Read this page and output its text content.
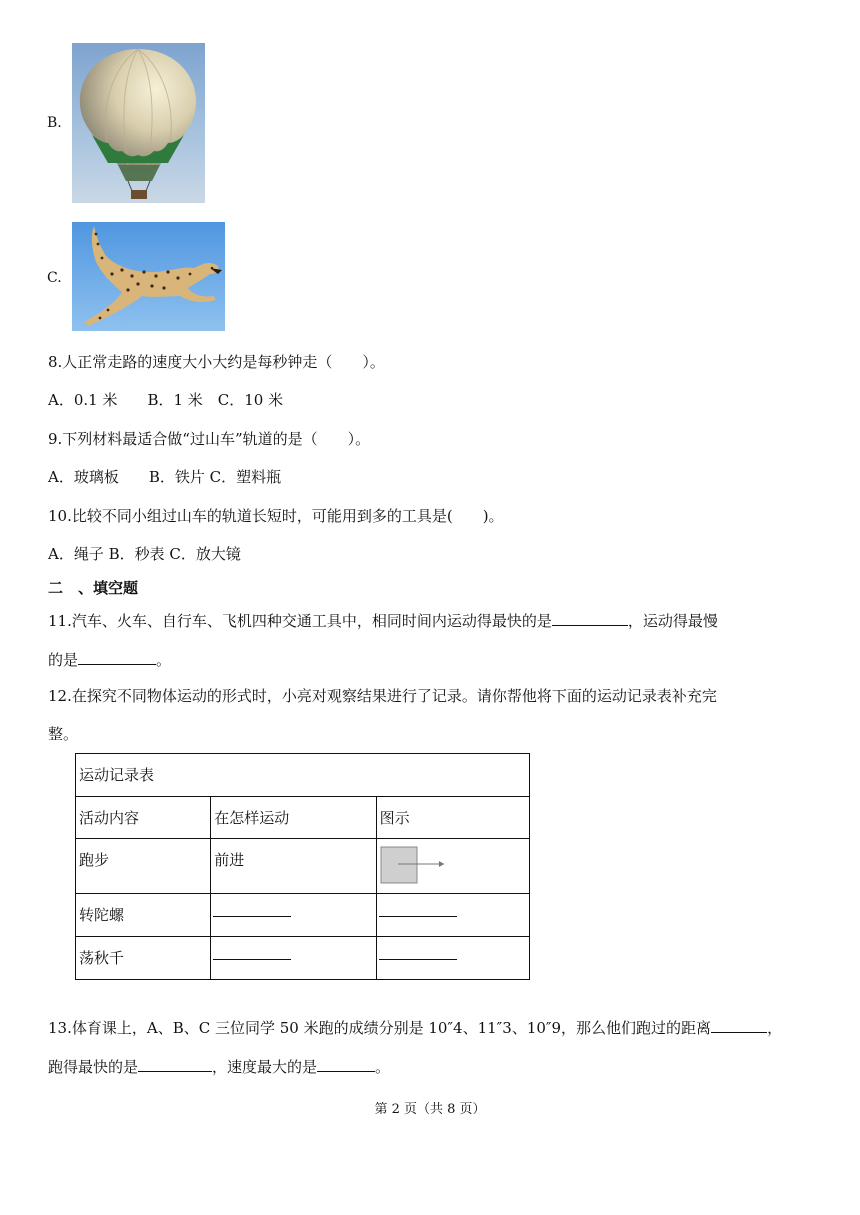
B.
C.
8.人正常走路的速度大小大约是每秒钟走（　　）。
A．0.1 米　　B．1 米　C．10 米
9.下列材料最适合做“过山车”轨道的是（　　）。
A．玻璃板　　B．铁片 C．塑料瓶
10.比较不同小组过山车的轨道长短时，可能用到多的工具是(　　)。
A．绳子 B．秒表 C．放大镜
二　、填空题
11.汽车、火车、自行车、飞机四种交通工具中，相同时间内运动得最快的是	，运动得最慢
的是	。
12.在探究不同物体运动的形式时，小亮对观察结果进行了记录。请你帮他将下面的运动记录表补充完
整。
运动记录表		
活动内容	在怎样运动	图示
跑步	前进	
转陀螺		
荡秋千		
13.体育课上，A、B、C 三位同学 50 米跑的成绩分别是 10″4、11″3、10″9，那么他们跑过的距离	，
跑得最快的是	，速度最大的是	。
第 2 页（共 8 页）
